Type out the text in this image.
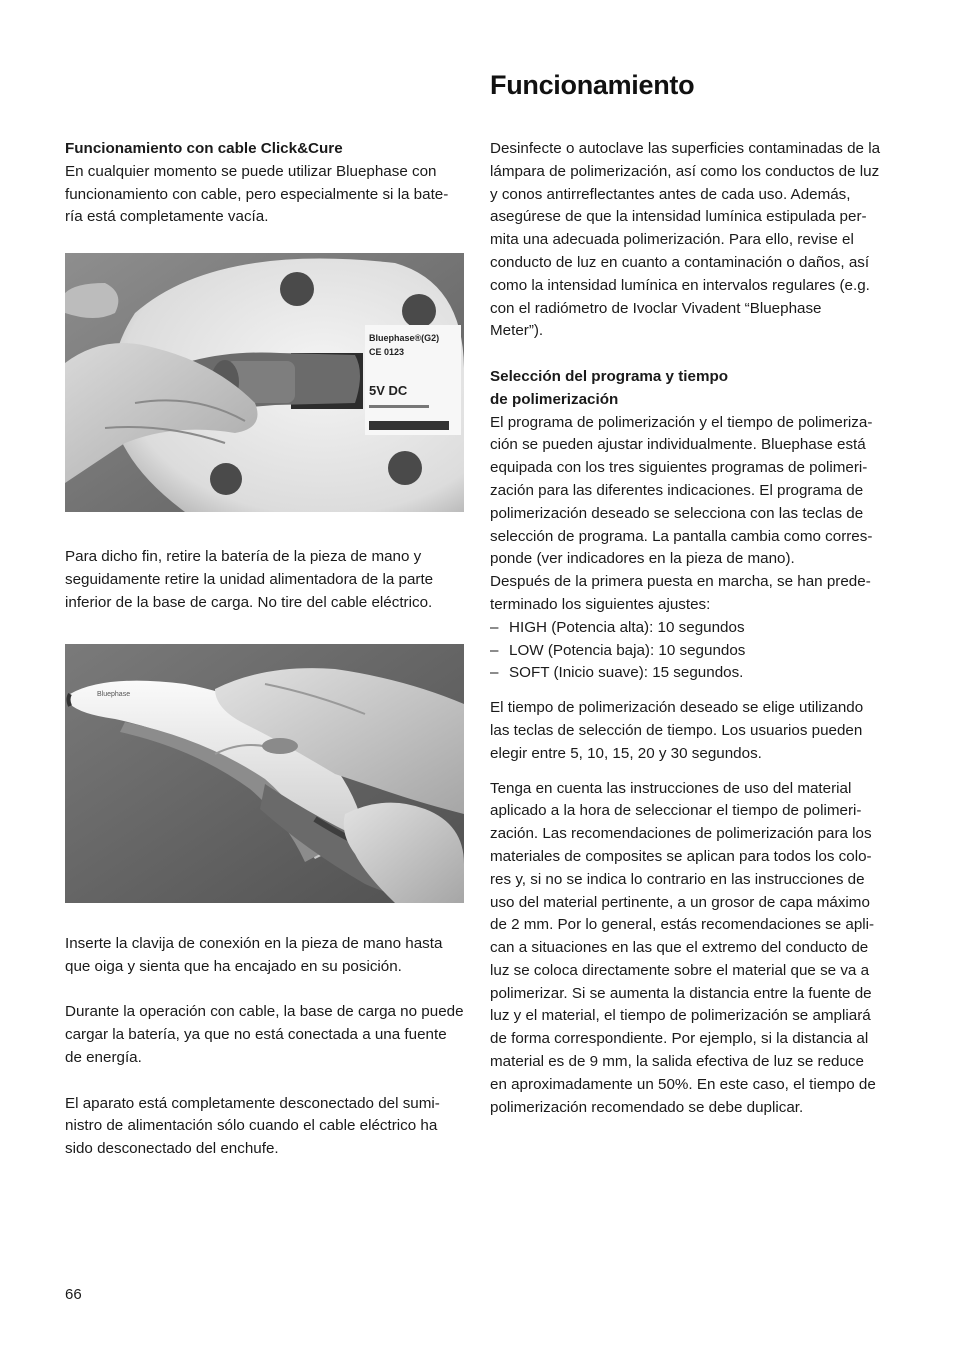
Funcionamiento

Funcionamiento con cable Click&Cure

En cualquier momento se puede utilizar Bluephase con

funcionamiento con cable, pero especialmente si la bate-

ría está completamente vacía.

Bluephase®(G2)
CE 0123
5V DC

Para dicho fin, retire la batería de la pieza de mano y

seguidamente retire la unidad alimentadora de la parte

inferior de la base de carga. No tire del cable eléctrico.

Bluephase

Inserte la clavija de conexión en la pieza de mano hasta

que oiga y sienta que ha encajado en su posición.

Durante la operación con cable, la base de carga no puede

cargar la batería, ya que no está conectada a una fuente

de energía.

El aparato está completamente desconectado del sumi-

nistro de alimentación sólo cuando el cable eléctrico ha

sido desconectado del enchufe.

Desinfecte o autoclave las superficies contaminadas de la

lámpara de polimerización, así como los conductos de luz

y conos antirreflectantes antes de cada uso. Además,

asegúrese de que la intensidad lumínica estipulada per-

mita una adecuada polimerización. Para ello, revise el

conducto de luz en cuanto a contaminación o daños, así

como la intensidad lumínica en intervalos regulares (e.g.

con el radiómetro de Ivoclar Vivadent “Bluephase

Meter”).

Selección del programa y tiempo

de polimerización

El programa de polimerización y el tiempo de polimeriza-

ción se pueden ajustar individualmente. Bluephase está

equipada con los tres siguientes programas de polimeri-

zación para las diferentes indicaciones. El programa de

polimerización deseado se selecciona con las teclas de

selección de programa. La pantalla cambia como corres-

ponde (ver indicadores en la pieza de mano).

Después de la primera puesta en marcha, se han prede-

terminado los siguientes ajustes:

– HIGH (Potencia alta): 10 segundos
– LOW (Potencia baja): 10 segundos
– SOFT (Inicio suave): 15 segundos.

El tiempo de polimerización deseado se elige utilizando

las teclas de selección de tiempo. Los usuarios pueden

elegir entre 5, 10, 15, 20 y 30 segundos.

Tenga en cuenta las instrucciones de uso del material

aplicado a la hora de seleccionar el tiempo de polimeri-

zación. Las recomendaciones de polimerización para los

materiales de composites se aplican para todos los colo-

res y, si no se indica lo contrario en las instrucciones de

uso del material pertinente, a un grosor de capa máximo

de 2 mm. Por lo general, estás recomendaciones se apli-

can a situaciones en las que el extremo del conducto de

luz se coloca directamente sobre el material que se va a

polimerizar. Si se aumenta la distancia entre la fuente de

luz y el material, el tiempo de polimerización se ampliará

de forma correspondiente. Por ejemplo, si la distancia al

material es de 9 mm, la salida efectiva de luz se reduce

en aproximadamente un 50%. En este caso, el tiempo de

polimerización recomendado se debe duplicar.

66
